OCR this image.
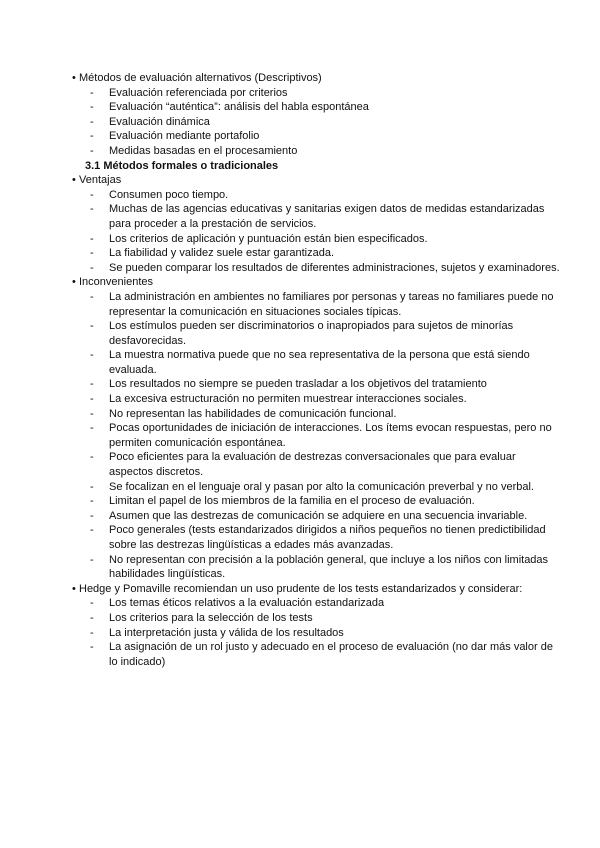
• Métodos de evaluación alternativos (Descriptivos)
- Evaluación referenciada por criterios
- Evaluación “auténtica”: análisis del habla espontánea
- Evaluación dinámica
- Evaluación mediante portafolio
- Medidas basadas en el procesamiento
3.1 Métodos formales o tradicionales
• Ventajas
- Consumen poco tiempo.
- Muchas de las agencias educativas y sanitarias exigen datos de medidas estandarizadas para proceder a la prestación de servicios.
- Los criterios de aplicación y puntuación están bien especificados.
- La fiabilidad y validez suele estar garantizada.
- Se pueden comparar los resultados de diferentes administraciones, sujetos y examinadores.
• Inconvenientes
- La administración en ambientes no familiares por personas y tareas no familiares puede no representar la comunicación en situaciones sociales típicas.
- Los estímulos pueden ser discriminatorios o inapropiados para sujetos de minorías desfavorecidas.
- La muestra normativa puede que no sea representativa de la persona que está siendo evaluada.
- Los resultados no siempre se pueden trasladar a los objetivos del tratamiento
- La excesiva estructuración no permiten muestrear interacciones sociales.
- No representan las habilidades de comunicación funcional.
- Pocas oportunidades de iniciación de interacciones. Los ítems evocan respuestas, pero no permiten comunicación espontánea.
- Poco eficientes para la evaluación de destrezas conversacionales que para evaluar aspectos discretos.
- Se focalizan en el lenguaje oral y pasan por alto la comunicación preverbal y no verbal.
- Limitan el papel de los miembros de la familia en el proceso de evaluación.
- Asumen que las destrezas de comunicación se adquiere en una secuencia invariable.
- Poco generales (tests estandarizados dirigidos a niños pequeños no tienen predictibilidad sobre las destrezas lingüísticas a edades más avanzadas.
- No representan con precisión a la población general, que incluye a los niños con limitadas habilidades lingüísticas.
• Hedge y Pomaville recomiendan un uso prudente de los tests estandarizados y considerar:
- Los temas éticos relativos a la evaluación estandarizada
- Los criterios para la selección de los tests
- La interpretación justa y válida de los resultados
- La asignación de un rol justo y adecuado en el proceso de evaluación (no dar más valor de lo indicado)
